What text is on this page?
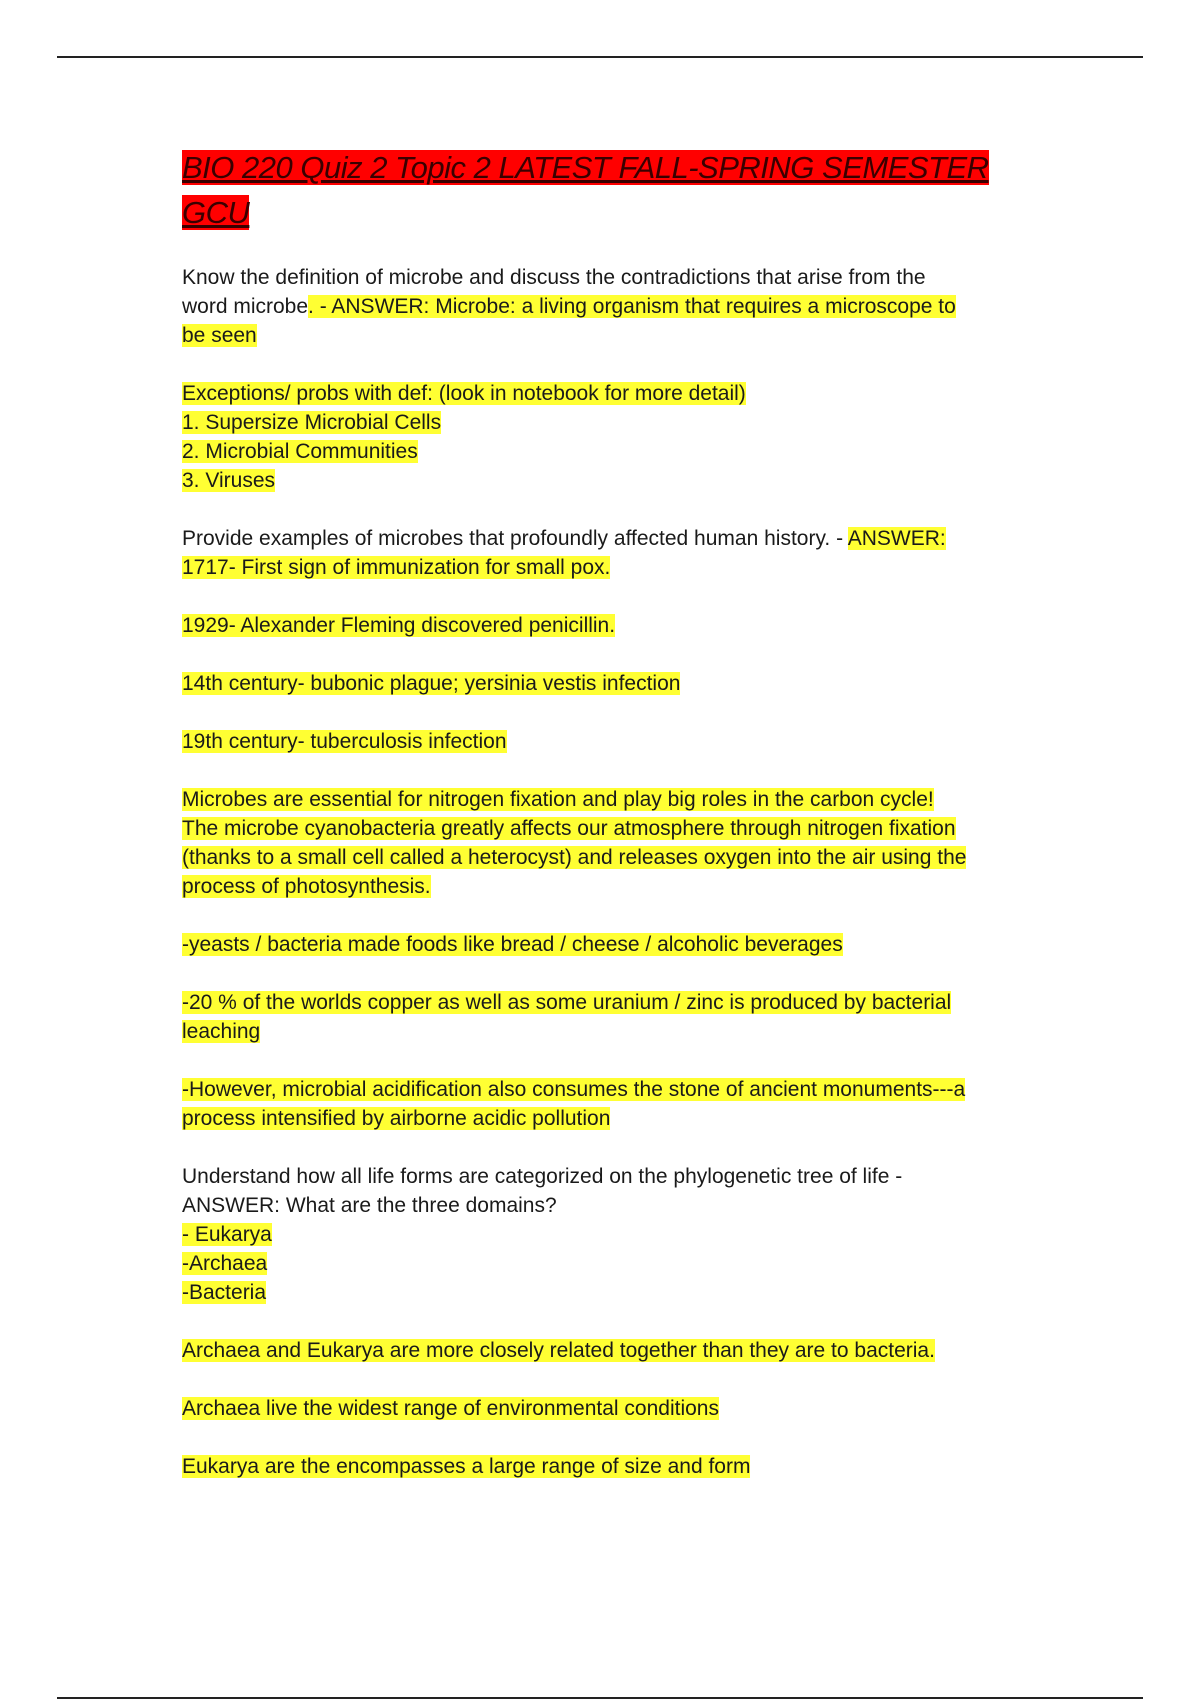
BIO 220 Quiz 2 Topic 2 LATEST FALL-SPRING SEMESTER
GCU

Know the definition of microbe and discuss the contradictions that arise from the
word microbe. - ANSWER: Microbe: a living organism that requires a microscope to
be seen

Exceptions/ probs with def: (look in notebook for more detail)
1. Supersize Microbial Cells
2. Microbial Communities
3. Viruses

Provide examples of microbes that profoundly affected human history. - ANSWER:
1717- First sign of immunization for small pox.

1929- Alexander Fleming discovered penicillin.

14th century- bubonic plague; yersinia vestis infection

19th century- tuberculosis infection

Microbes are essential for nitrogen fixation and play big roles in the carbon cycle!
The microbe cyanobacteria greatly affects our atmosphere through nitrogen fixation
(thanks to a small cell called a heterocyst) and releases oxygen into the air using the
process of photosynthesis.

-yeasts / bacteria made foods like bread / cheese / alcoholic beverages

-20 % of the worlds copper as well as some uranium / zinc is produced by bacterial
leaching

-However, microbial acidification also consumes the stone of ancient monuments---a
process intensified by airborne acidic pollution

Understand how all life forms are categorized on the phylogenetic tree of life -
ANSWER: What are the three domains?
- Eukarya
-Archaea
-Bacteria

Archaea and Eukarya are more closely related together than they are to bacteria.

Archaea live the widest range of environmental conditions

Eukarya are the encompasses a large range of size and form
